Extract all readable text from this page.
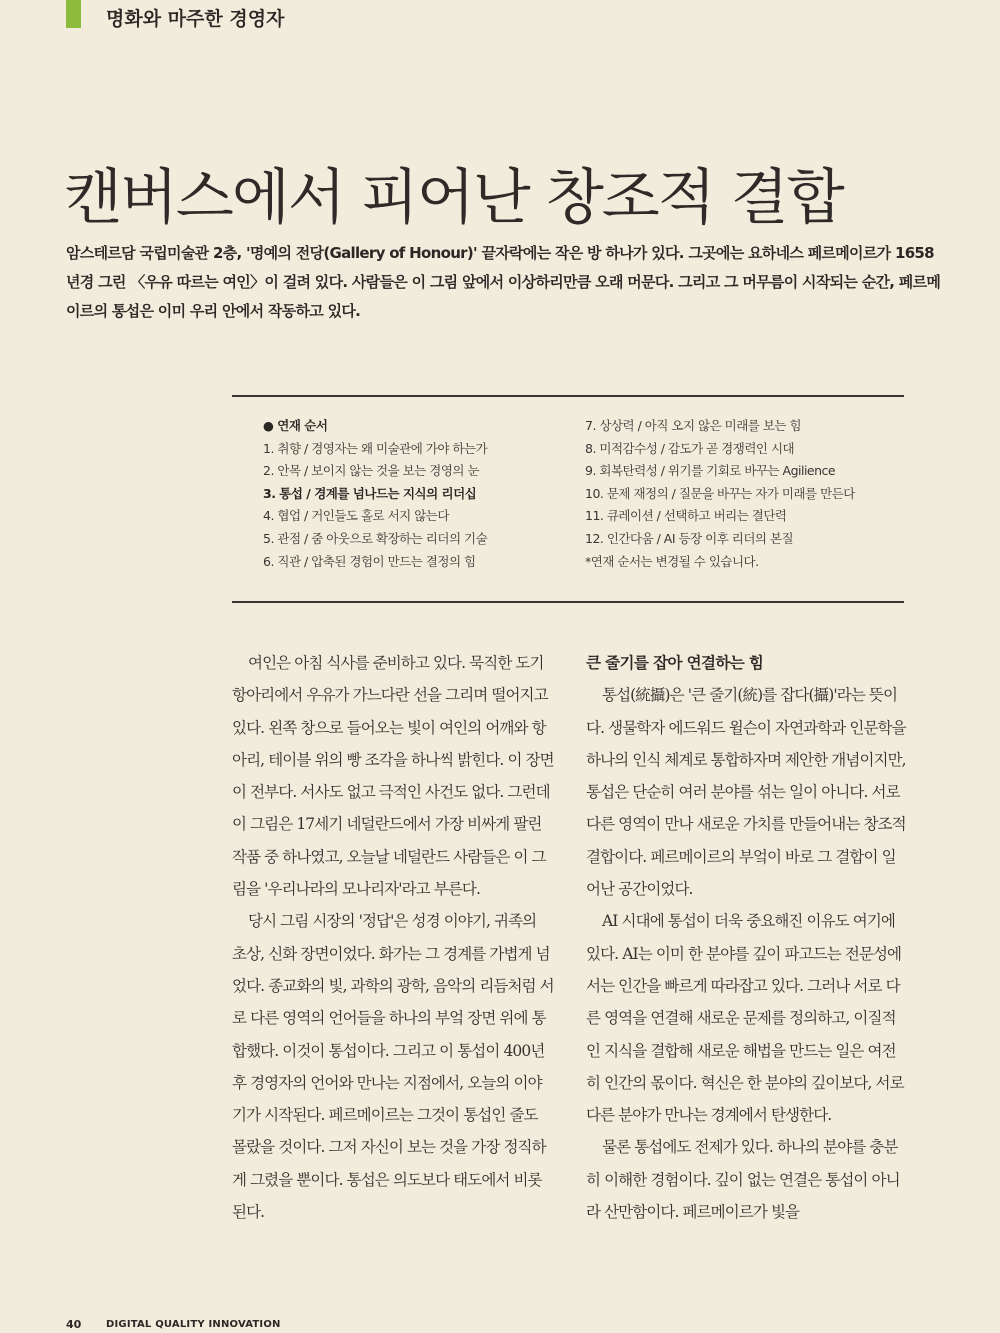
명화와 마주한 경영자
캔버스에서 피어난 창조적 결합
암스테르담 국립미술관 2층, '명예의 전당(Gallery of Honour)' 끝자락에는 작은 방 하나가 있다. 그곳에는 요하네스 페르메이르가 1658년경 그린 〈우유 따르는 여인〉이 걸려 있다. 사람들은 이 그림 앞에서 이상하리만큼 오래 머문다. 그리고 그 머무름이 시작되는 순간, 페르메이르의 통섭은 이미 우리 안에서 작동하고 있다.
● 연재 순서
1. 취향 / 경영자는 왜 미술관에 가야 하는가
2. 안목 / 보이지 않는 것을 보는 경영의 눈
3. 통섭 / 경계를 넘나드는 지식의 리더십
4. 협업 / 거인들도 홀로 서지 않는다
5. 관점 / 줌 아웃으로 확장하는 리더의 기술
6. 직관 / 압축된 경험이 만드는 결정의 힘
7. 상상력 / 아직 오지 않은 미래를 보는 힘
8. 미적감수성 / 감도가 곧 경쟁력인 시대
9. 회복탄력성 / 위기를 기회로 바꾸는 Agilience
10. 문제 재정의 / 질문을 바꾸는 자가 미래를 만든다
11. 큐레이션 / 선택하고 버리는 결단력
12. 인간다움 / AI 등장 이후 리더의 본질
*연재 순서는 변경될 수 있습니다.

여인은 아침 식사를 준비하고 있다. 묵직한 도기 항아리에서 우유가 가느다란 선을 그리며 떨어지고 있다. 왼쪽 창으로 들어오는 빛이 여인의 어깨와 항아리, 테이블 위의 빵 조각을 하나씩 밝힌다. 이 장면이 전부다. 서사도 없고 극적인 사건도 없다. 그런데 이 그림은 17세기 네덜란드에서 가장 비싸게 팔린 작품 중 하나였고, 오늘날 네덜란드 사람들은 이 그림을 '우리나라의 모나리자'라고 부른다.

당시 그림 시장의 '정답'은 성경 이야기, 귀족의 초상, 신화 장면이었다. 화가는 그 경계를 가볍게 넘었다. 종교화의 빛, 과학의 광학, 음악의 리듬처럼 서로 다른 영역의 언어들을 하나의 부엌 장면 위에 통합했다. 이것이 통섭이다. 그리고 이 통섭이 400년 후 경영자의 언어와 만나는 지점에서, 오늘의 이야기가 시작된다. 페르메이르는 그것이 통섭인 줄도 몰랐을 것이다. 그저 자신이 보는 것을 가장 정직하게 그렸을 뿐이다. 통섭은 의도보다 태도에서 비롯된다.

큰 줄기를 잡아 연결하는 힘

통섭(統攝)은 '큰 줄기(統)를 잡다(攝)'라는 뜻이다. 생물학자 에드워드 윌슨이 자연과학과 인문학을 하나의 인식 체계로 통합하자며 제안한 개념이지만, 통섭은 단순히 여러 분야를 섞는 일이 아니다. 서로 다른 영역이 만나 새로운 가치를 만들어내는 창조적 결합이다. 페르메이르의 부엌이 바로 그 결합이 일어난 공간이었다.

AI 시대에 통섭이 더욱 중요해진 이유도 여기에 있다. AI는 이미 한 분야를 깊이 파고드는 전문성에서는 인간을 빠르게 따라잡고 있다. 그러나 서로 다른 영역을 연결해 새로운 문제를 정의하고, 이질적인 지식을 결합해 새로운 해법을 만드는 일은 여전히 인간의 몫이다. 혁신은 한 분야의 깊이보다, 서로 다른 분야가 만나는 경계에서 탄생한다.

물론 통섭에도 전제가 있다. 하나의 분야를 충분히 이해한 경험이다. 깊이 없는 연결은 통섭이 아니라 산만함이다. 페르메이르가 빛을

40 DIGITAL QUALITY INNOVATION
